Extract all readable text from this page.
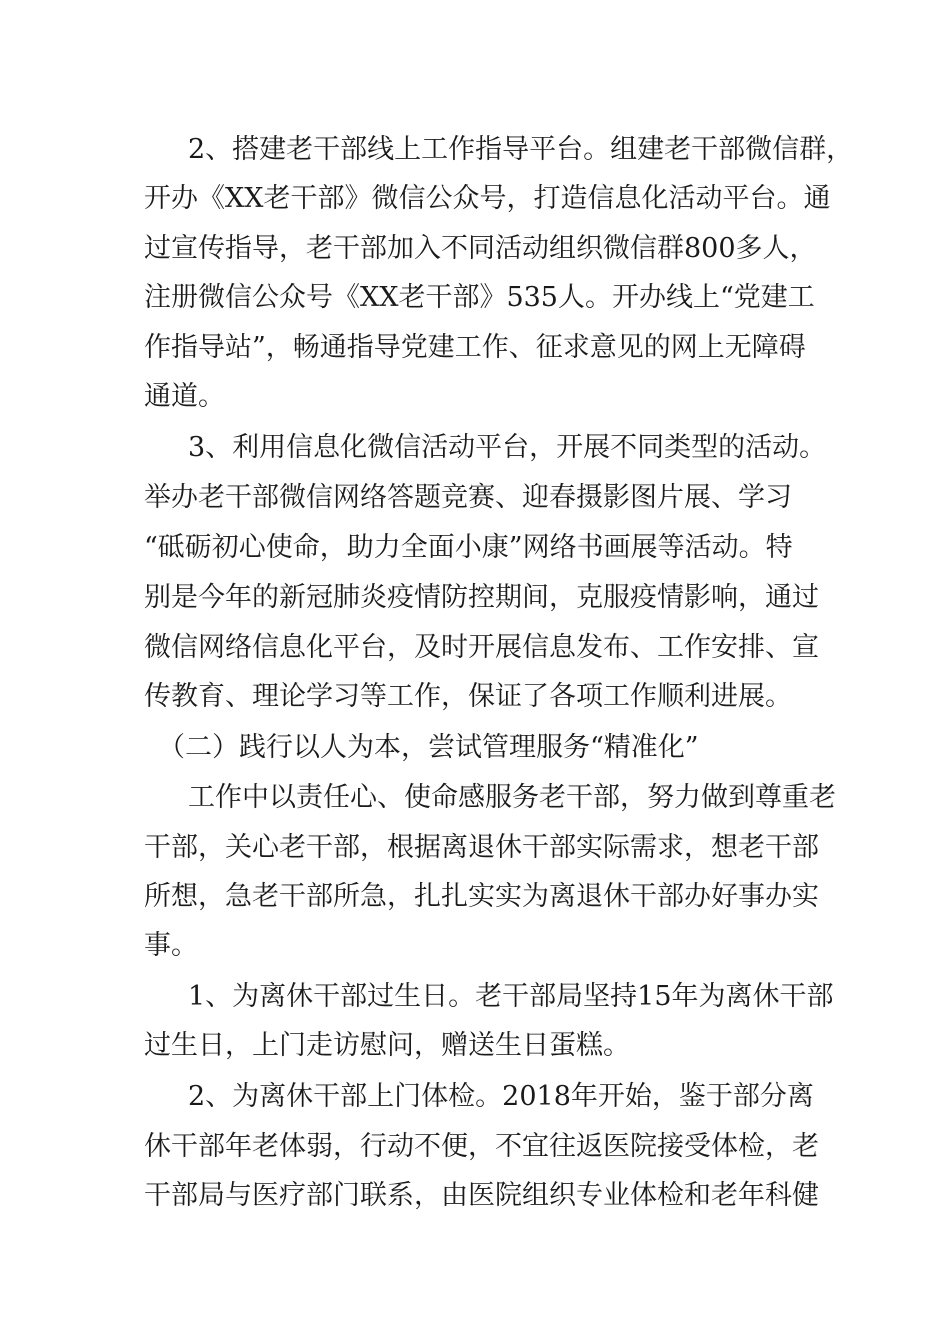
2、搭建老干部线上工作指导平台。组建老干部微信群，
开办《XX老干部》微信公众号，打造信息化活动平台。通
过宣传指导，老干部加入不同活动组织微信群800多人，
注册微信公众号《XX老干部》535人。开办线上“党建工
作指导站”，畅通指导党建工作、征求意见的网上无障碍
通道。
3、利用信息化微信活动平台，开展不同类型的活动。
举办老干部微信网络答题竞赛、迎春摄影图片展、学习
“砥砺初心使命，助力全面小康”网络书画展等活动。特
别是今年的新冠肺炎疫情防控期间，克服疫情影响，通过
微信网络信息化平台，及时开展信息发布、工作安排、宣
传教育、理论学习等工作，保证了各项工作顺利进展。
（二）践行以人为本，尝试管理服务“精准化”
工作中以责任心、使命感服务老干部，努力做到尊重老
干部，关心老干部，根据离退休干部实际需求，想老干部
所想，急老干部所急，扎扎实实为离退休干部办好事办实
事。
1、为离休干部过生日。老干部局坚持15年为离休干部
过生日，上门走访慰问，赠送生日蛋糕。
2、为离休干部上门体检。2018年开始，鉴于部分离
休干部年老体弱，行动不便，不宜往返医院接受体检，老
干部局与医疗部门联系，由医院组织专业体检和老年科健
